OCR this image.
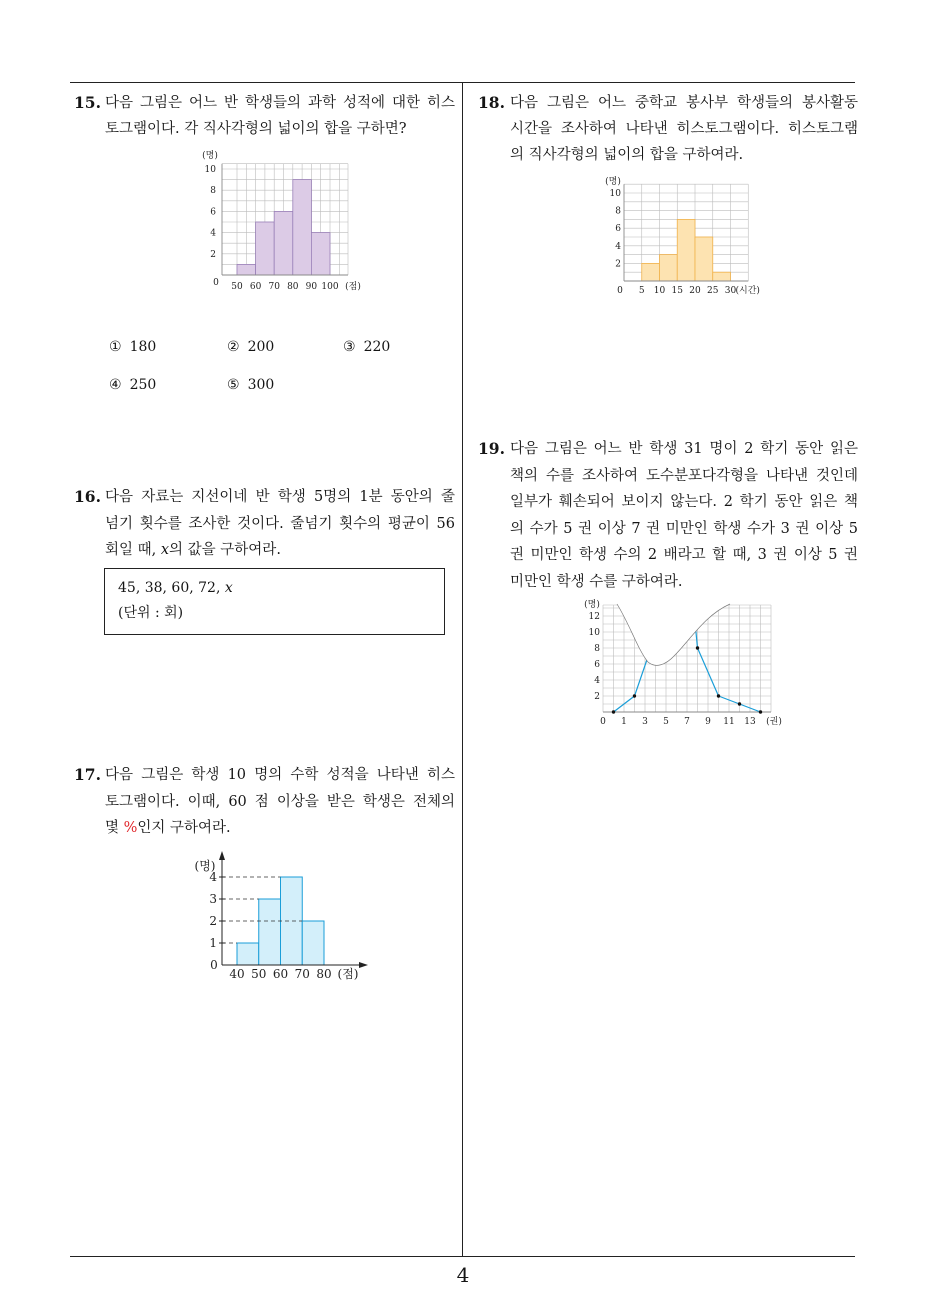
15. 다음 그림은 어느 반 학생들의 과학 성적에 대한 히스
토그램이다. 각 직사각형의 넓이의 합을 구하면?
2
4
6
8
10
50 60 70 80 90 100
0
(명)
(점)
① 180	② 200	③ 220
④ 250	⑤ 300
16. 다음 자료는 지선이네 반 학생 5명의 1분 동안의 줄
넘기 횟수를 조사한 것이다. 줄넘기 횟수의 평균이 56
회일 때, x의 값을 구하여라.
45, 38, 60, 72, x
(단위 : 회)
17. 다음 그림은 학생 10 명의 수학 성적을 나타낸 히스
토그램이다. 이때, 60 점 이상을 받은 학생은 전체의
몇 %인지 구하여라.
1
2
3
4
40 50 60 70 80
0
(명)
(점)
18. 다음 그림은 어느 중학교 봉사부 학생들의 봉사활동
시간을 조사하여 나타낸 히스토그램이다. 히스토그램
의 직사각형의 넓이의 합을 구하여라.
2
4
6
8
10
5 10 15 20 25 30
0
(명)
(시간)
19. 다음 그림은 어느 반 학생 31 명이 2 학기 동안 읽은
책의 수를 조사하여 도수분포다각형을 나타낸 것인데
일부가 훼손되어 보이지 않는다. 2 학기 동안 읽은 책
의 수가 5 권 이상 7 권 미만인 학생 수가 3 권 이상 5
권 미만인 학생 수의 2 배라고 할 때, 3 권 이상 5 권
미만인 학생 수를 구하여라.
2
4
6
8
10
12
1 3 5 7 9 11 13
0
(명)
(권)
4
